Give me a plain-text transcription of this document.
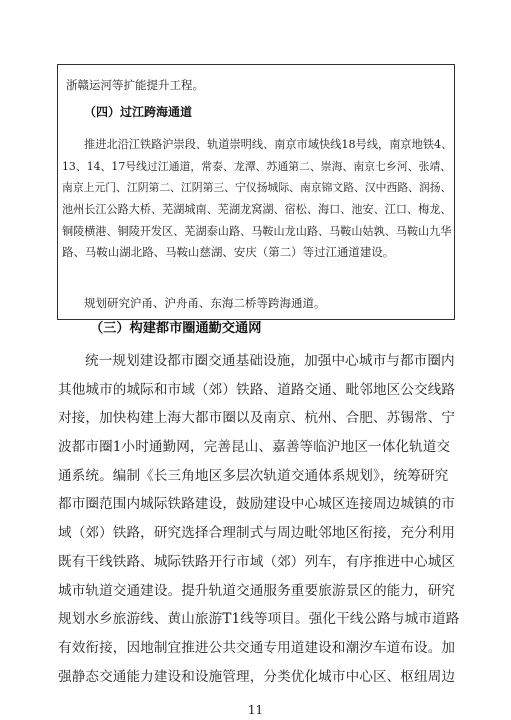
浙赣运河等扩能提升工程。
（四）过江跨海通道
推进北沿江铁路沪崇段、轨道崇明线、南京市域快线18号线，南京地铁4、
13、14、17号线过江通道，常泰、龙潭、苏通第二、崇海、南京七乡河、张靖、
南京上元门、江阴第二、江阴第三、宁仪扬城际、南京锦文路、汉中西路、润扬、
池州长江公路大桥、芜湖城南、芜湖龙窝湖、宿松、海口、池安、江口、梅龙、
铜陵横港、铜陵开发区、芜湖泰山路、马鞍山龙山路、马鞍山姑孰、马鞍山九华
路、马鞍山湖北路、马鞍山慈湖、安庆（第二）等过江通道建设。
规划研究沪甬、沪舟甬、东海二桥等跨海通道。
（三）构建都市圈通勤交通网
统一规划建设都市圈交通基础设施，加强中心城市与都市圈内
其他城市的城际和市域（郊）铁路、道路交通、毗邻地区公交线路
对接，加快构建上海大都市圈以及南京、杭州、合肥、苏锡常、宁
波都市圈1小时通勤网，完善昆山、嘉善等临沪地区一体化轨道交
通系统。编制《长三角地区多层次轨道交通体系规划》，统筹研究
都市圈范围内城际铁路建设，鼓励建设中心城区连接周边城镇的市
域（郊）铁路，研究选择合理制式与周边毗邻地区衔接，充分利用
既有干线铁路、城际铁路开行市域（郊）列车，有序推进中心城区
城市轨道交通建设。提升轨道交通服务重要旅游景区的能力，研究
规划水乡旅游线、黄山旅游T1线等项目。强化干线公路与城市道路
有效衔接，因地制宜推进公共交通专用道建设和潮汐车道布设。加
强静态交通能力建设和设施管理，分类优化城市中心区、枢纽周边
11
